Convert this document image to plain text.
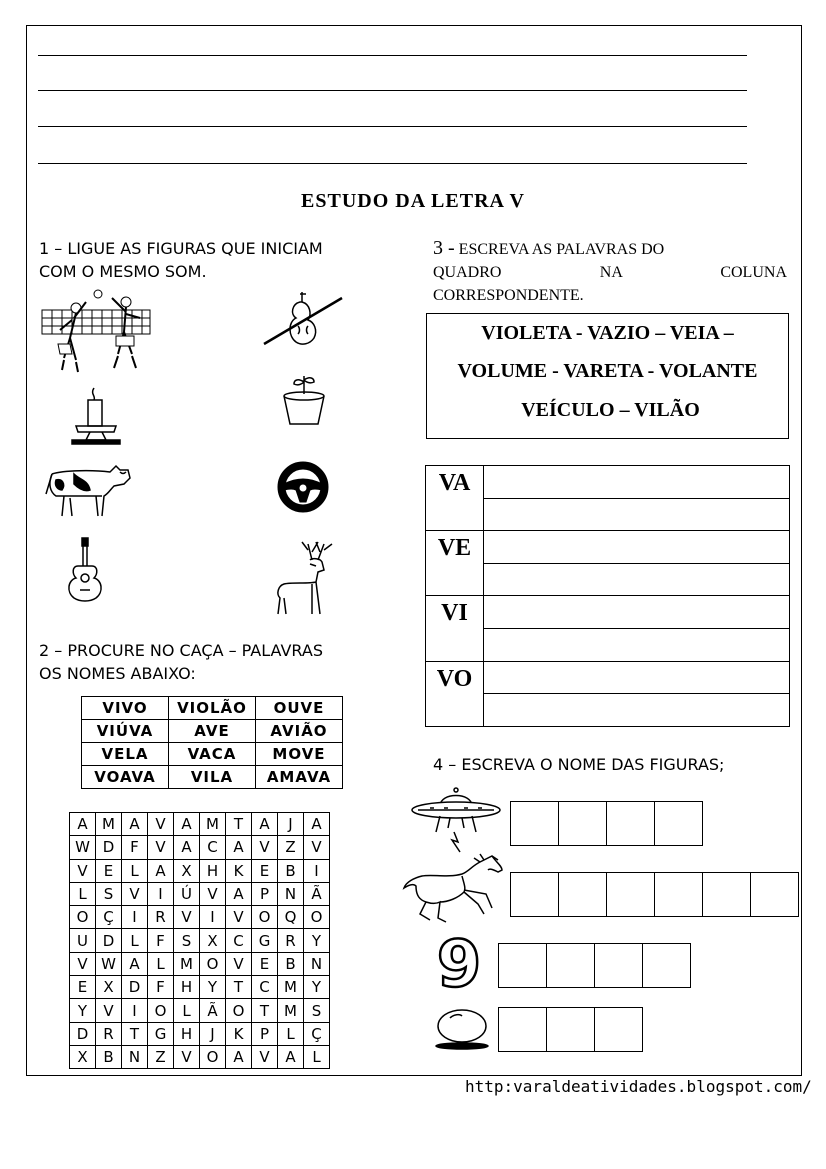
ESTUDO DA LETRA V
1 – LIGUE AS FIGURAS QUE INICIAM
COM O MESMO SOM.
2 – PROCURE NO CAÇA – PALAVRAS
OS NOMES ABAIXO:
VIVO	VIOLÃO	OUVE
VIÚVA	AVE	AVIÃO
VELA	VACA	MOVE
VOAVA	VILA	AMAVA
A	M	A	V	A	M	T	A	J	A
W	D	F	V	A	C	A	V	Z	V
V	E	L	A	X	H	K	E	B	I
L	S	V	I	Ú	V	A	P	N	Ã
O	Ç	I	R	V	I	V	O	Q	O
U	D	L	F	S	X	C	G	R	Y
V	W	A	L	M	O	V	E	B	N
E	X	D	F	H	Y	T	C	M	Y
Y	V	I	O	L	Ã	O	T	M	S
D	R	T	G	H	J	K	P	L	Ç
X	B	N	Z	V	O	A	V	A	L
3 - ESCREVA AS PALAVRAS DO
QUADRO NA COLUNA
CORRESPONDENTE.
VIOLETA - VAZIO – VEIA –
VOLUME - VARETA - VOLANTE
VEÍCULO – VILÃO
VA	

VE	

VI	

VO	

4 – ESCREVA O NOME DAS FIGURAS;
9
http:varaldeatividades.blogspot.com/
